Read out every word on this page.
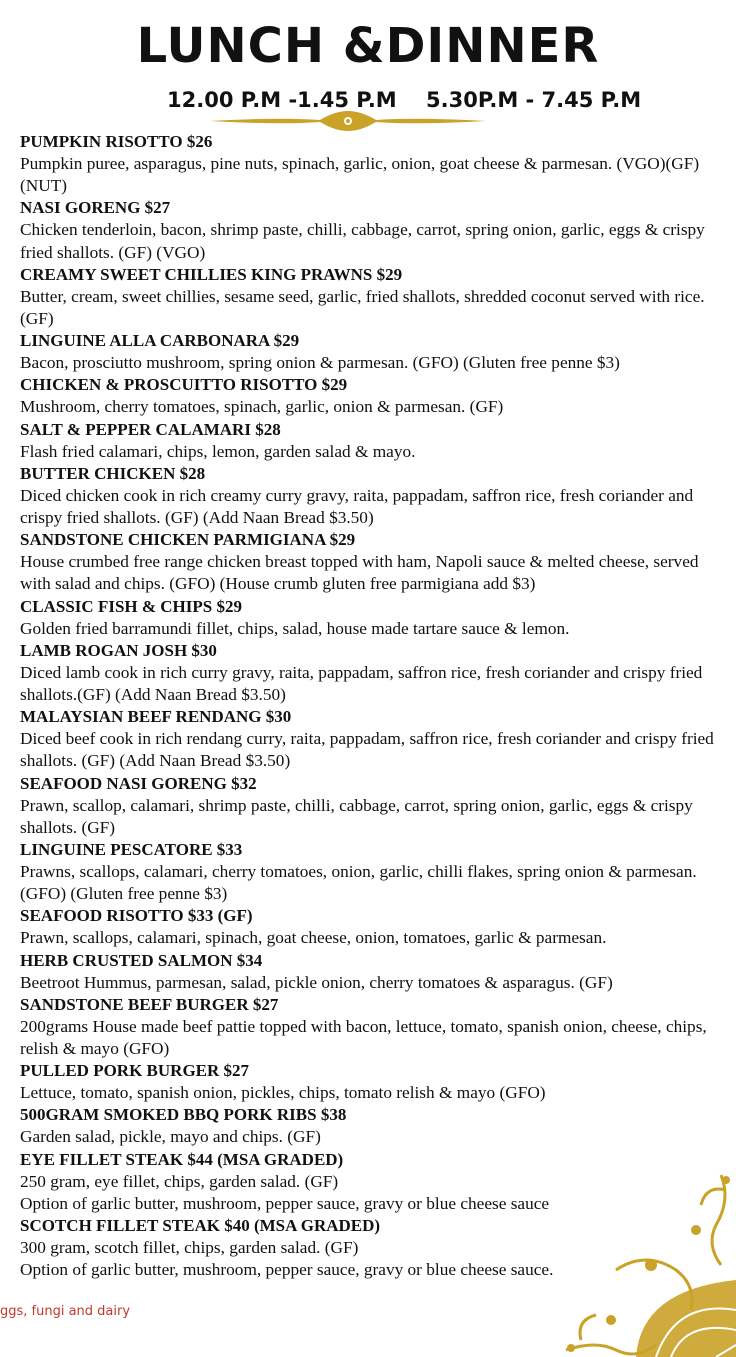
LUNCH &DINNER
12.00 P.M -1.45 P.M 5.30P.M - 7.45 P.M
PUMPKIN RISOTTO $26
Pumpkin puree, asparagus, pine nuts, spinach, garlic, onion, goat cheese & parmesan. (VGO)(GF)(NUT)
NASI GORENG $27
Chicken tenderloin, bacon, shrimp paste, chilli, cabbage, carrot, spring onion, garlic, eggs & crispy fried shallots. (GF) (VGO)
CREAMY SWEET CHILLIES KING PRAWNS $29
Butter, cream, sweet chillies, sesame seed, garlic, fried shallots, shredded coconut served with rice. (GF)
LINGUINE ALLA CARBONARA $29
Bacon, prosciutto mushroom, spring onion & parmesan. (GFO) (Gluten free penne $3)
CHICKEN & PROSCUITTO RISOTTO $29
Mushroom, cherry tomatoes, spinach, garlic, onion & parmesan. (GF)
SALT & PEPPER CALAMARI $28
Flash fried calamari, chips, lemon, garden salad & mayo.
BUTTER CHICKEN $28
Diced chicken cook in rich creamy curry gravy, raita, pappadam, saffron rice, fresh coriander and crispy fried shallots. (GF) (Add Naan Bread $3.50)
SANDSTONE CHICKEN PARMIGIANA $29
House crumbed free range chicken breast topped with ham, Napoli sauce & melted cheese, served with salad and chips. (GFO) (House crumb gluten free parmigiana add $3)
CLASSIC FISH & CHIPS $29
Golden fried barramundi fillet, chips, salad, house made tartare sauce & lemon.
LAMB ROGAN JOSH $30
Diced lamb cook in rich curry gravy, raita, pappadam, saffron rice, fresh coriander and crispy fried shallots.(GF) (Add Naan Bread $3.50)
MALAYSIAN BEEF RENDANG $30
Diced beef cook in rich rendang curry, raita, pappadam, saffron rice, fresh coriander and crispy fried shallots. (GF) (Add Naan Bread $3.50)
SEAFOOD NASI GORENG $32
Prawn, scallop, calamari, shrimp paste, chilli, cabbage, carrot, spring onion, garlic, eggs & crispy shallots. (GF)
LINGUINE PESCATORE $33
Prawns, scallops, calamari, cherry tomatoes, onion, garlic, chilli flakes, spring onion & parmesan. (GFO) (Gluten free penne $3)
SEAFOOD RISOTTO $33 (GF)
Prawn, scallops, calamari, spinach, goat cheese, onion, tomatoes, garlic & parmesan.
HERB CRUSTED SALMON $34
Beetroot Hummus, parmesan, salad, pickle onion, cherry tomatoes & asparagus. (GF)
SANDSTONE BEEF BURGER $27
200grams House made beef pattie topped with bacon, lettuce, tomato, spanish onion, cheese, chips, relish & mayo (GFO)
PULLED PORK BURGER $27
Lettuce, tomato, spanish onion, pickles, chips, tomato relish & mayo (GFO)
500GRAM SMOKED BBQ PORK RIBS $38
Garden salad, pickle, mayo and chips. (GF)
EYE FILLET STEAK $44 (MSA GRADED)
250 gram, eye fillet, chips, garden salad. (GF)
Option of garlic butter, mushroom, pepper sauce, gravy or blue cheese sauce
SCOTCH FILLET STEAK $40 (MSA GRADED)
300 gram, scotch fillet, chips, garden salad. (GF)
Option of garlic butter, mushroom, pepper sauce, gravy or blue cheese sauce.
ggs, fungi and dairy
